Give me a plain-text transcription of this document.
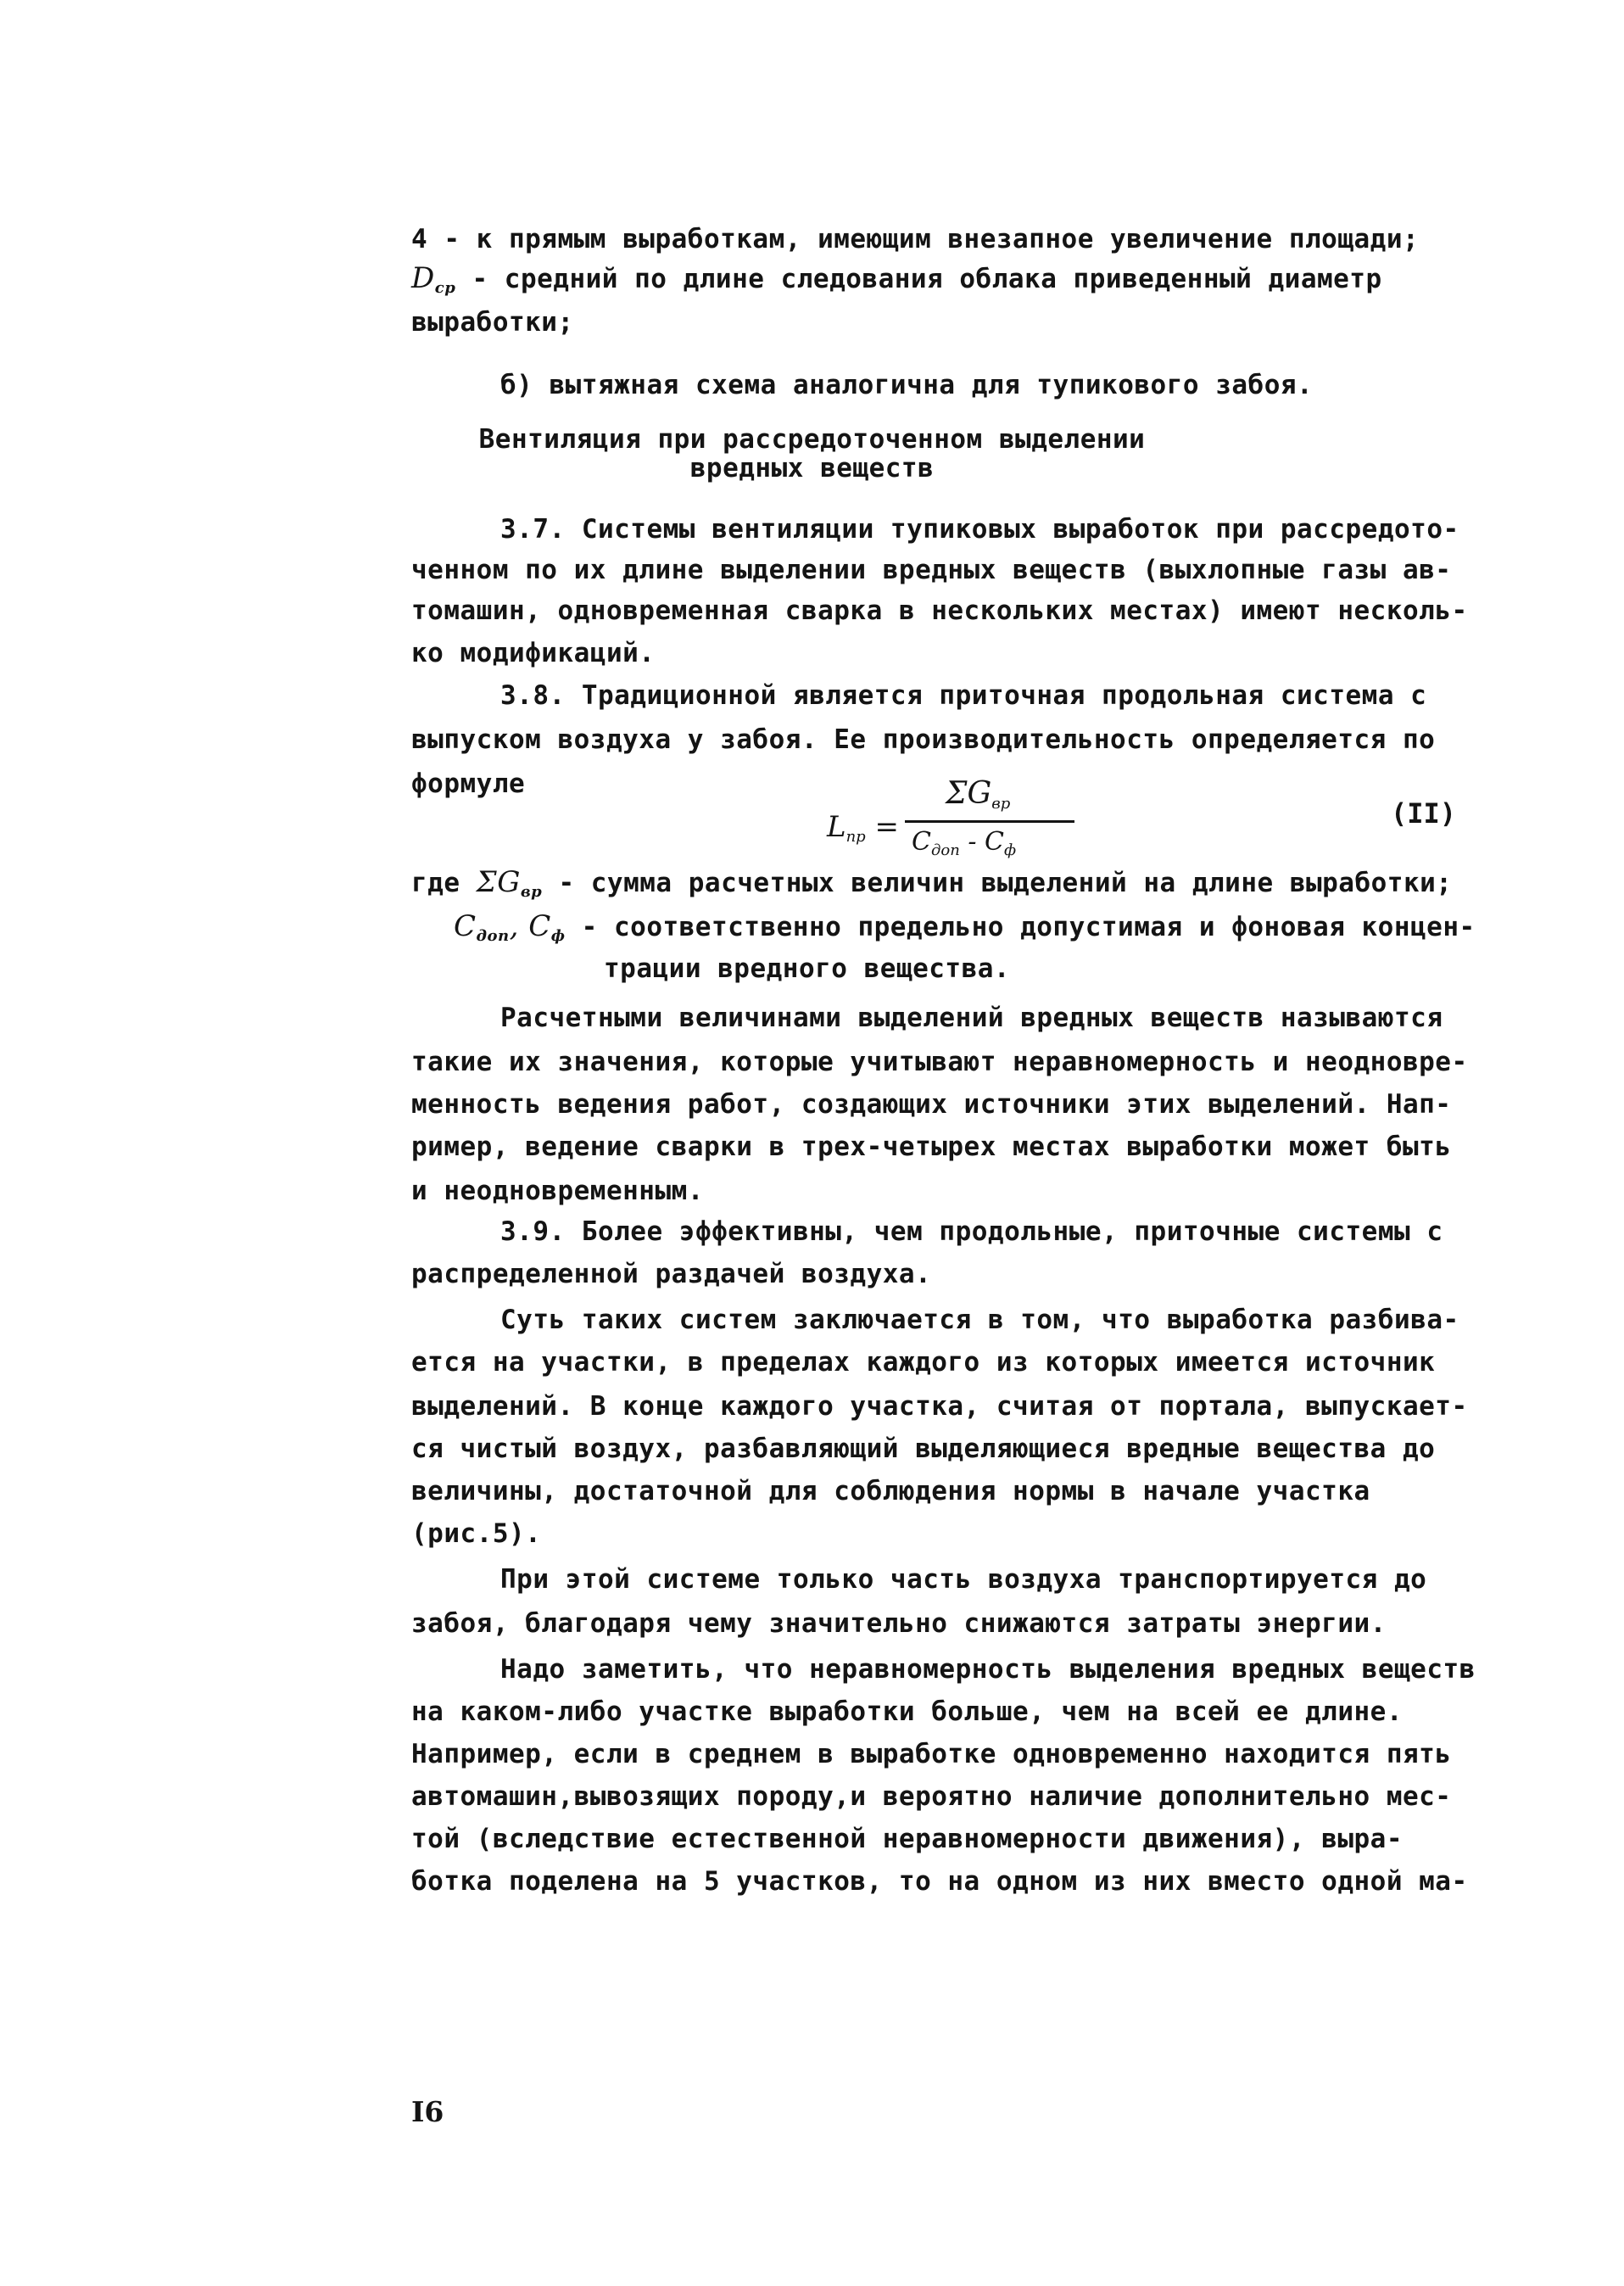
4 - к прямым выработкам, имеющим внезапное увеличение площади;
$D_{ср}$ - средний по длине следования облака приведенный диаметр
выработки;
б) вытяжная схема аналогична для тупикового забоя.
Вентиляция при рассредоточенном выделении
вредных веществ
3.7. Системы вентиляции тупиковых выработок при рассредото-
ченном по их длине выделении вредных веществ (выхлопные газы ав-
томашин, одновременная сварка в нескольких местах) имеют несколь-
ко модификаций.
3.8. Традиционной является приточная продольная система с
выпуском воздуха у забоя. Ее производительность определяется по
формуле
$L_{пр}$ =
$\Sigma G_{вр}$
$C_{доп} - C_ф$
(II)
где $\Sigma G_{вр}$ - сумма расчетных величин выделений на длине выработки;
$C_{доп}$, $C_ф$ - соответственно предельно допустимая и фоновая концен-
трации вредного вещества.
Расчетными величинами выделений вредных веществ называются
такие их значения, которые учитывают неравномерность и неодновре-
менность ведения работ, создающих источники этих выделений. Нап-
ример, ведение сварки в трех-четырех местах выработки может быть
и неодновременным.
3.9. Более эффективны, чем продольные, приточные системы с
распределенной раздачей воздуха.
Суть таких систем заключается в том, что выработка разбива-
ется на участки, в пределах каждого из которых имеется источник
выделений. В конце каждого участка, считая от портала, выпускает-
ся чистый воздух, разбавляющий выделяющиеся вредные вещества до
величины, достаточной для соблюдения нормы в начале участка
(рис.5).
При этой системе только часть воздуха транспортируется до
забоя, благодаря чему значительно снижаются затраты энергии.
Надо заметить, что неравномерность выделения вредных веществ
на каком-либо участке выработки больше, чем на всей ее длине.
Например, если в среднем в выработке одновременно находится пять
автомашин,вывозящих породу,и вероятно наличие дополнительно мес-
той (вследствие естественной неравномерности движения), выра-
ботка поделена на 5 участков, то на одном из них вместо одной ма-
I6
